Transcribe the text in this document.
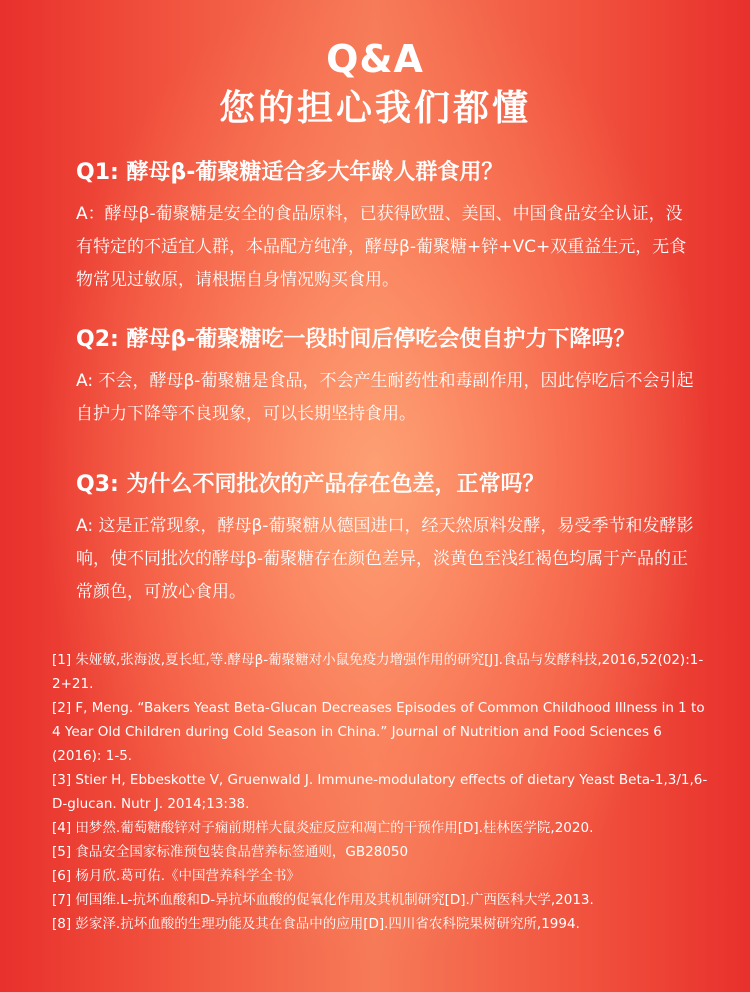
Q&A
您的担心我们都懂
Q1: 酵母β-葡聚糖适合多大年龄人群食用？
A：酵母β-葡聚糖是安全的食品原料，已获得欧盟、美国、中国食品安全认证，没有特定的不适宜人群，本品配方纯净，酵母β-葡聚糖+锌+VC+双重益生元，无食物常见过敏原，请根据自身情况购买食用。
Q2: 酵母β-葡聚糖吃一段时间后停吃会使自护力下降吗？
A: 不会，酵母β-葡聚糖是食品，不会产生耐药性和毒副作用，因此停吃后不会引起自护力下降等不良现象，可以长期坚持食用。
Q3: 为什么不同批次的产品存在色差，正常吗？
A: 这是正常现象，酵母β-葡聚糖从德国进口，经天然原料发酵，易受季节和发酵影响，使不同批次的酵母β-葡聚糖存在颜色差异，淡黄色至浅红褐色均属于产品的正常颜色，可放心食用。
[1] 朱娅敏,张海波,夏长虹,等.酵母β-葡聚糖对小鼠免疫力增强作用的研究[J].食品与发酵科技,2016,52(02):1-2+21.
[2] F, Meng. “Bakers Yeast Beta-Glucan Decreases Episodes of Common Childhood Illness in 1 to 4 Year Old Children during Cold Season in China.” Journal of Nutrition and Food Sciences 6 (2016): 1-5.
[3] Stier H, Ebbeskotte V, Gruenwald J. Immune-modulatory effects of dietary Yeast Beta-1,3/1,6-D-glucan. Nutr J. 2014;13:38.
[4] 田梦然.葡萄糖酸锌对子痫前期样大鼠炎症反应和凋亡的干预作用[D].桂林医学院,2020.
[5] 食品安全国家标准预包装食品营养标签通则，GB28050
[6] 杨月欣.葛可佑.《中国营养科学全书》
[7] 何国维.L-抗坏血酸和D-异抗坏血酸的促氧化作用及其机制研究[D].广西医科大学,2013.
[8] 彭家泽.抗坏血酸的生理功能及其在食品中的应用[D].四川省农科院果树研究所,1994.
